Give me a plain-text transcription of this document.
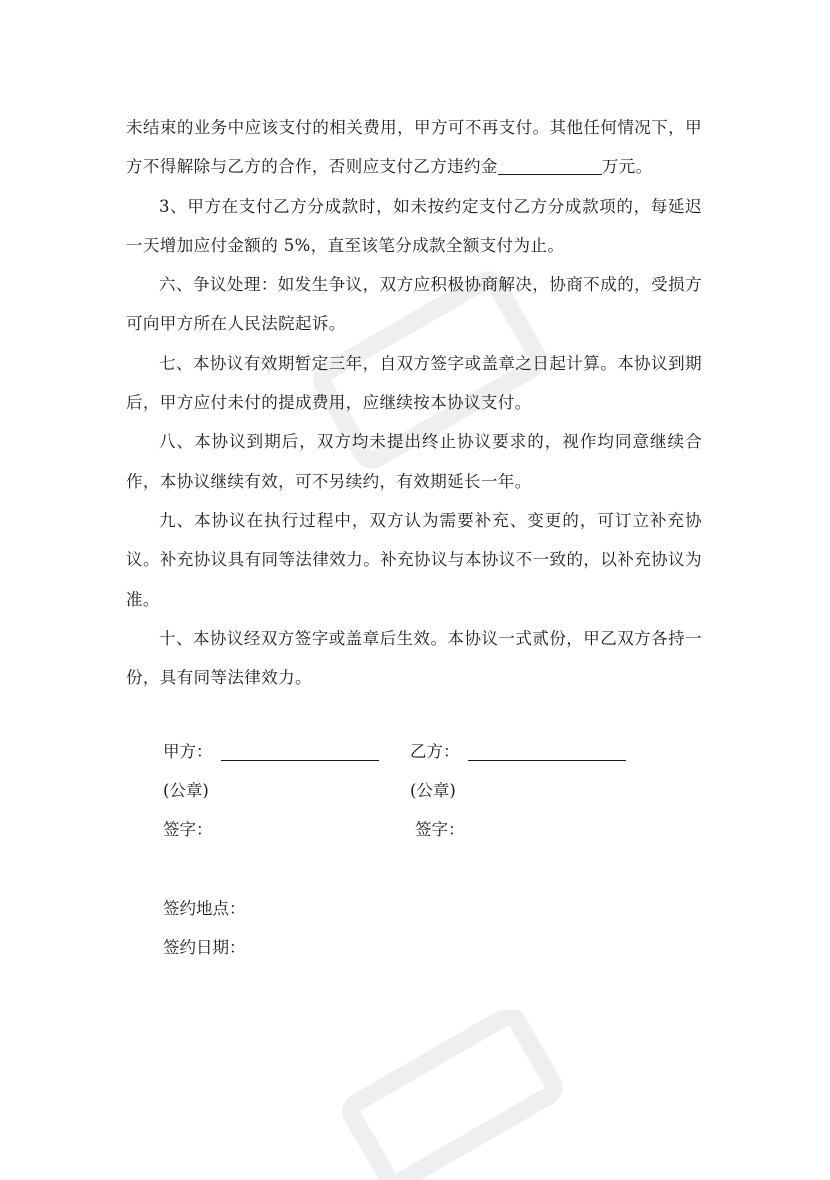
未结束的业务中应该支付的相关费用，甲方可不再支付。其他任何情况下，甲方不得解除与乙方的合作，否则应支付乙方违约金	万元。

3、甲方在支付乙方分成款时，如未按约定支付乙方分成款项的，每延迟一天增加应付金额的 5%，直至该笔分成款全额支付为止。

六、争议处理：如发生争议，双方应积极协商解决，协商不成的，受损方可向甲方所在人民法院起诉。

七、本协议有效期暂定三年，自双方签字或盖章之日起计算。本协议到期后，甲方应付未付的提成费用，应继续按本协议支付。

八、本协议到期后，双方均未提出终止协议要求的，视作均同意继续合作，本协议继续有效，可不另续约，有效期延长一年。

九、本协议在执行过程中，双方认为需要补充、变更的，可订立补充协议。补充协议具有同等法律效力。补充协议与本协议不一致的，以补充协议为准。

十、本协议经双方签字或盖章后生效。本协议一式贰份，甲乙双方各持一份，具有同等法律效力。

甲方：	乙方：
(公章)	(公章)
签字：	签字：
签约地点：
签约日期：
